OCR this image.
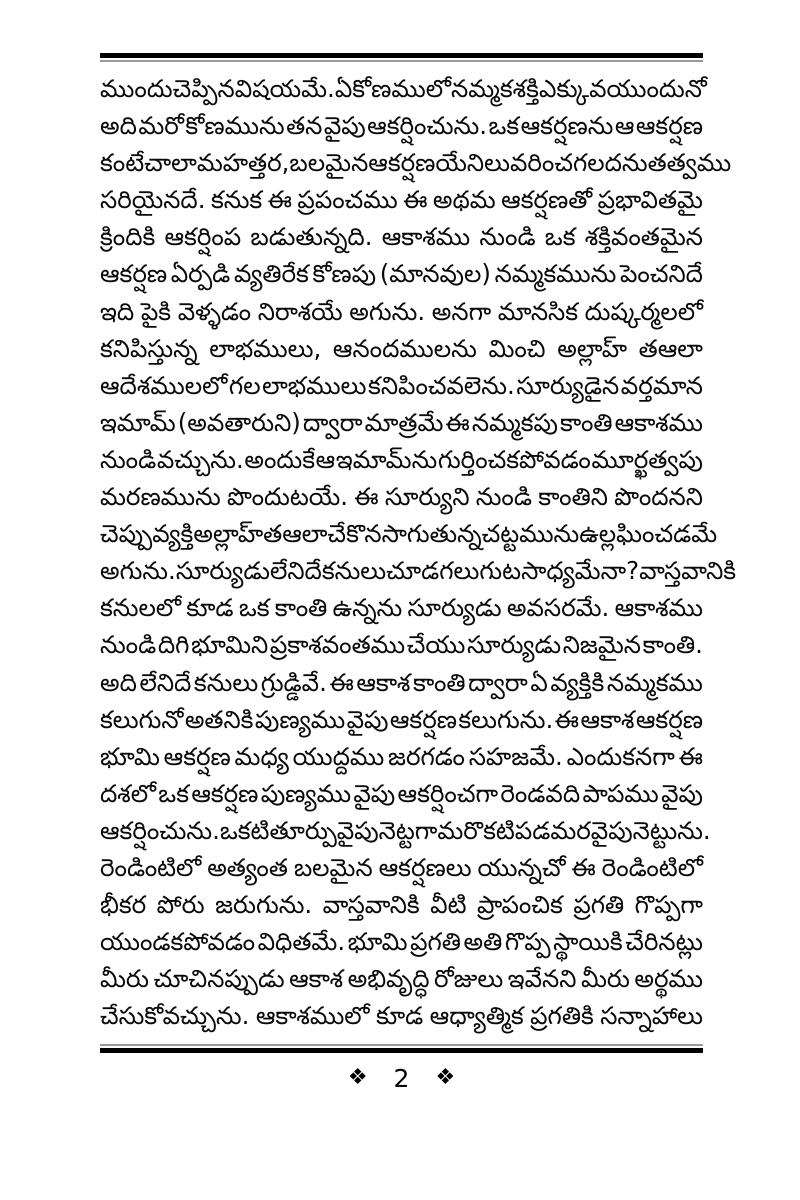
ముందు చెప్పిన విషయమే. ఏ కోణములో నమ్మక శక్తి ఎక్కువ యుందునో
అది మరో కోణమును తన వైపు ఆకర్షించును. ఒక ఆకర్షణను ఆ ఆకర్షణ
కంటే చాలా మహత్తర, బలమైన ఆకర్షణయే నిలువరించగలదను తత్వము
సరియైనదే. కనుక ఈ ప్రపంచము ఈ అథమ ఆకర్షణతో ప్రభావితమై
క్రిందికి ఆకర్షింప బడుతున్నది. ఆకాశము నుండి ఒక శక్తివంతమైన
ఆకర్షణ ఏర్పడి వ్యతిరేక కోణపు (మానవుల) నమ్మకమును పెంచనిదే
ఇది పైకి వెళ్ళడం నిరాశయే అగును. అనగా మానసిక దుష్కర్మలలో
కనిపిస్తున్న లాభములు, ఆనందములను మించి అల్లాహ్ తఆలా
ఆదేశములలో గల లాభములు కనిపించవలెను. సూర్యుడైన వర్తమాన
ఇమామ్ (అవతారుని) ద్వారా మాత్రమే ఈ నమ్మకపు కాంతి ఆకాశము
నుండి వచ్చును. అందుకే ఆ ఇమామ్‌ను గుర్తించకపోవడం మూర్ఖత్వపు
మరణమును పొందుటయే. ఈ సూర్యుని నుండి కాంతిని పొందనని
చెప్పు వ్యక్తి అల్లాహ్ తఆలాచే కొనసాగుతున్న చట్టమును ఉల్లఘించడమే
అగును. సూర్యుడు లేనిదే కనులు చూడగలుగుట సాధ్యమేనా ? వాస్తవానికి
కనులలో కూడ ఒక కాంతి ఉన్నను సూర్యుడు అవసరమే. ఆకాశము
నుండి దిగి భూమిని ప్రకాశవంతము చేయు సూర్యుడు నిజమైన కాంతి.
అది లేనిదే కనులు గ్రుడ్డివే. ఈ ఆకాశ కాంతి ద్వారా ఏ వ్యక్తికి నమ్మకము
కలుగునో అతనికి పుణ్యము వైపు ఆకర్షణ కలుగును. ఈ ఆకాశ ఆకర్షణ
భూమి ఆకర్షణ మధ్య యుద్దము జరగడం సహజమే. ఎందుకనగా ఈ
దశలో ఒక ఆకర్షణ పుణ్యము వైపు ఆకర్షించగా రెండవది పాపము వైపు
ఆకర్షించును. ఒకటి తూర్పు వైపు నెట్టగా మరొకటి పడమర వైపు నెట్టును.
రెండింటిలో అత్యంత బలమైన ఆకర్షణలు యున్నచో ఈ రెండింటిలో
భీకర పోరు జరుగును. వాస్తవానికి వీటి ప్రాపంచిక ప్రగతి గొప్పగా
యుండకపోవడం విధితమే. భూమి ప్రగతి అతి గొప్ప స్థాయికి చేరినట్లు
మీరు చూచినప్పుడు ఆకాశ అభివృద్ధి రోజులు ఇవేనని మీరు అర్థము
చేసుకోవచ్చును. ఆకాశములో కూడ ఆధ్యాత్మిక ప్రగతికి సన్నాహాలు
❖ 2 ❖
